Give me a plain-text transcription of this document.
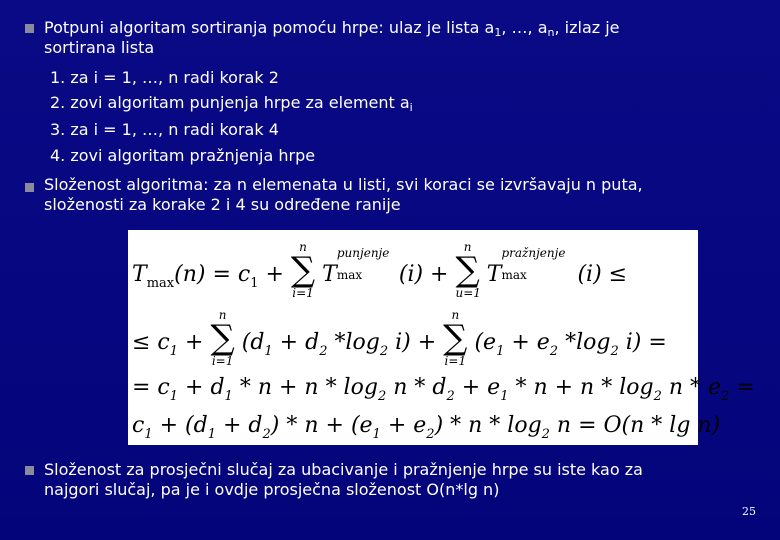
Potpuni algoritam sortiranja pomoću hrpe: ulaz je lista $a_1$, …, $a_n$, izlaz je
sortirana lista
1. za i = 1, …, n radi korak 2
2. zovi algoritam punjenja hrpe za element $a_i$
3. za i = 1, …, n radi korak 4
4. zovi algoritam pražnjenja hrpe
Složenost algoritma: za n elemenata u listi, svi koraci se izvršavaju n puta,
složenosti za korake 2 i 4 su određene ranije
$T_{max}(n) = c_1$ +
n
∑
i=1
T
punjenje
max (i) +
n
∑
u=1
T
pražnjenje
max (i) ≤
≤ $c_1$ +
n
∑
i=1
($d_1 + d_2$ $*\log_2$ i) +
n
∑
i=1
($e_1 + e_2$ $*\log_2$ i) =
= $c_1 + d_1 * n + n * \log_2 n * d_2 + e_1 * n + n * \log_2 n * e_2$ =
$c_1 + (d_1 + d_2) * n + (e_1 + e_2) * n * \log_2 n = O(n * \lg n)$
Složenost za prosječni slučaj za ubacivanje i pražnjenje hrpe su iste kao za
najgori slučaj, pa je i ovdje prosječna složenost O(n*lg n)
25
